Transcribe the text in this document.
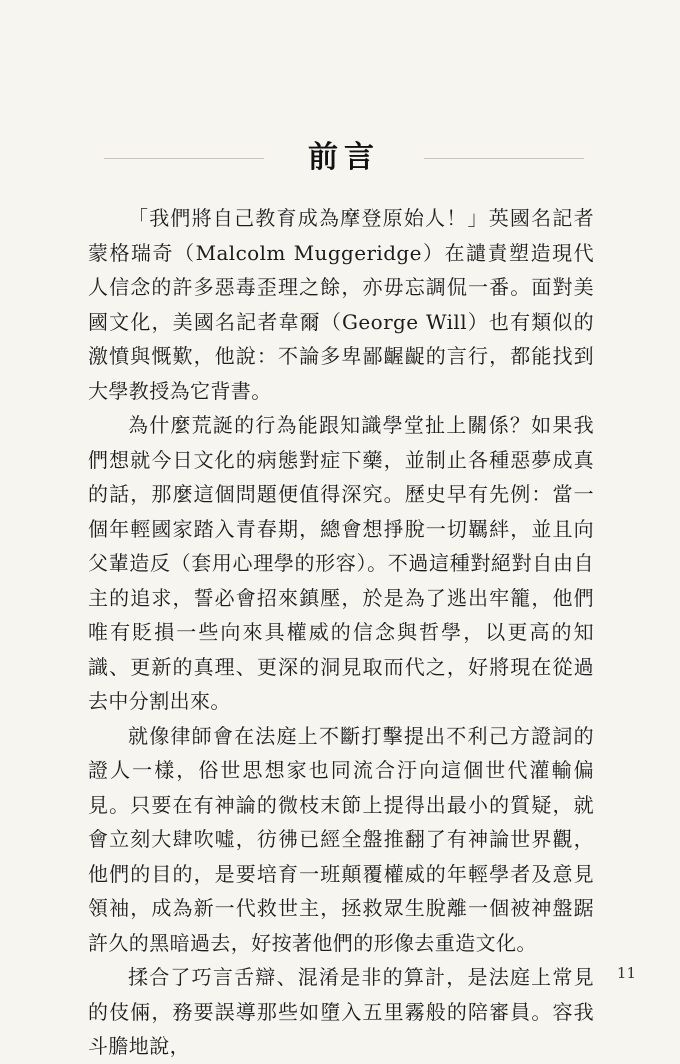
前言

「我們將自己教育成為摩登原始人！」英國名記者蒙格瑞奇（Malcolm Muggeridge）在譴責塑造現代人信念的許多惡毒歪理之餘，亦毋忘調侃一番。面對美國文化，美國名記者韋爾（George Will）也有類似的激憤與慨歎，他說：不論多卑鄙齷齪的言行，都能找到大學教授為它背書。

為什麼荒誕的行為能跟知識學堂扯上關係？如果我們想就今日文化的病態對症下藥，並制止各種惡夢成真的話，那麼這個問題便值得深究。歷史早有先例：當一個年輕國家踏入青春期，總會想掙脫一切羈絆，並且向父輩造反（套用心理學的形容）。不過這種對絕對自由自主的追求，誓必會招來鎮壓，於是為了逃出牢籠，他們唯有貶損一些向來具權威的信念與哲學，以更高的知識、更新的真理、更深的洞見取而代之，好將現在從過去中分割出來。

就像律師會在法庭上不斷打擊提出不利己方證詞的證人一樣，俗世思想家也同流合汙向這個世代灌輸偏見。只要在有神論的微枝末節上提得出最小的質疑，就會立刻大肆吹噓，彷彿已經全盤推翻了有神論世界觀，他們的目的，是要培育一班顛覆權威的年輕學者及意見領袖，成為新一代救世主，拯救眾生脫離一個被神盤踞許久的黑暗過去，好按著他們的形像去重造文化。

揉合了巧言舌辯、混淆是非的算計，是法庭上常見的伎倆，務要誤導那些如墮入五里霧般的陪審員。容我斗膽地說，

11
